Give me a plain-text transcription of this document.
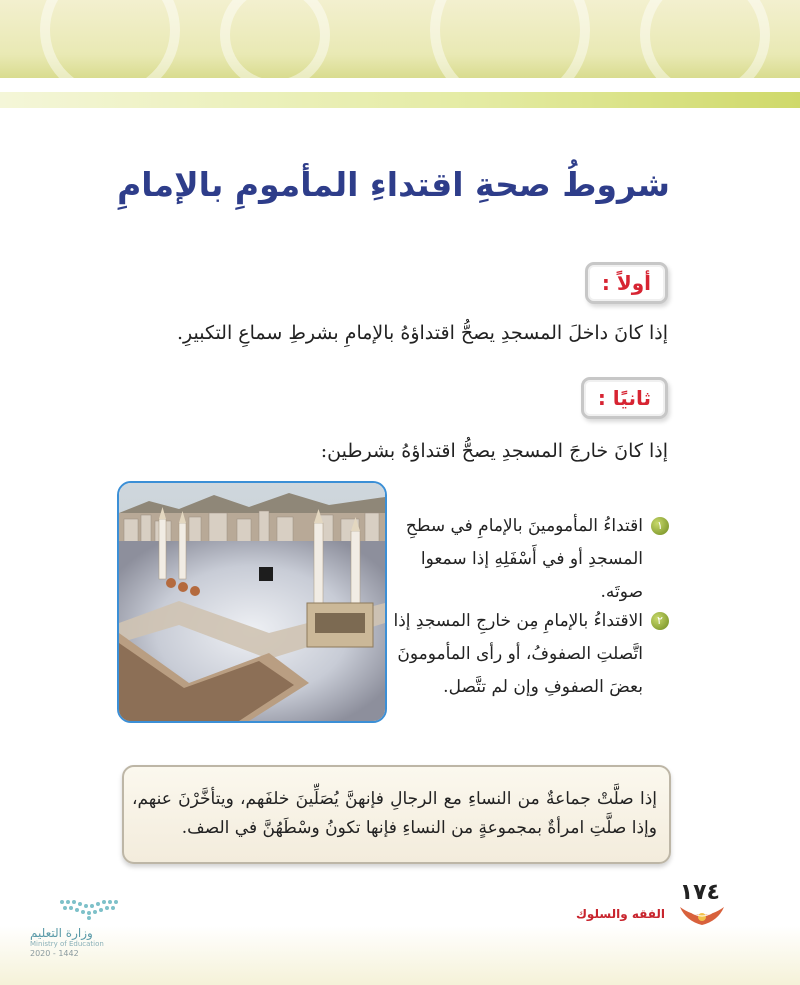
شروطُ صحةِ اقتداءِ المأمومِ بالإمامِ
أولاً :

إذا كانَ داخلَ المسجدِ يصحُّ اقتداؤهُ بالإمامِ بشرطِ سماعِ التكبيرِ.

ثانيًا :

إذا كانَ خارجَ المسجدِ يصحُّ اقتداؤهُ بشرطين:

١
اقتداءُ المأمومينَ بالإمامِ في سطحِ المسجدِ أو في أَسْفَلِهِ إذا سمعوا صوتَه.
٢
الاقتداءُ بالإمامِ مِن خارجِ المسجدِ إذا اتَّصلتِ الصفوفُ، أو رأى المأمومونَ بعضَ الصفوفِ وإن لم تتَّصل.

إذا صلَّتْ جماعةٌ من النساءِ مع الرجالِ فإنهنَّ يُصَلِّينَ خلفَهم، ويتأخَّرْنَ عنهم، وإذا صلَّتِ امرأةٌ بمجموعةٍ من النساءِ فإنها تكونُ وسْطَهُنَّ في الصف.

١٧٤

الفقه والسلوك

وزارة التعليم
Ministry of Education
2020 - 1442
